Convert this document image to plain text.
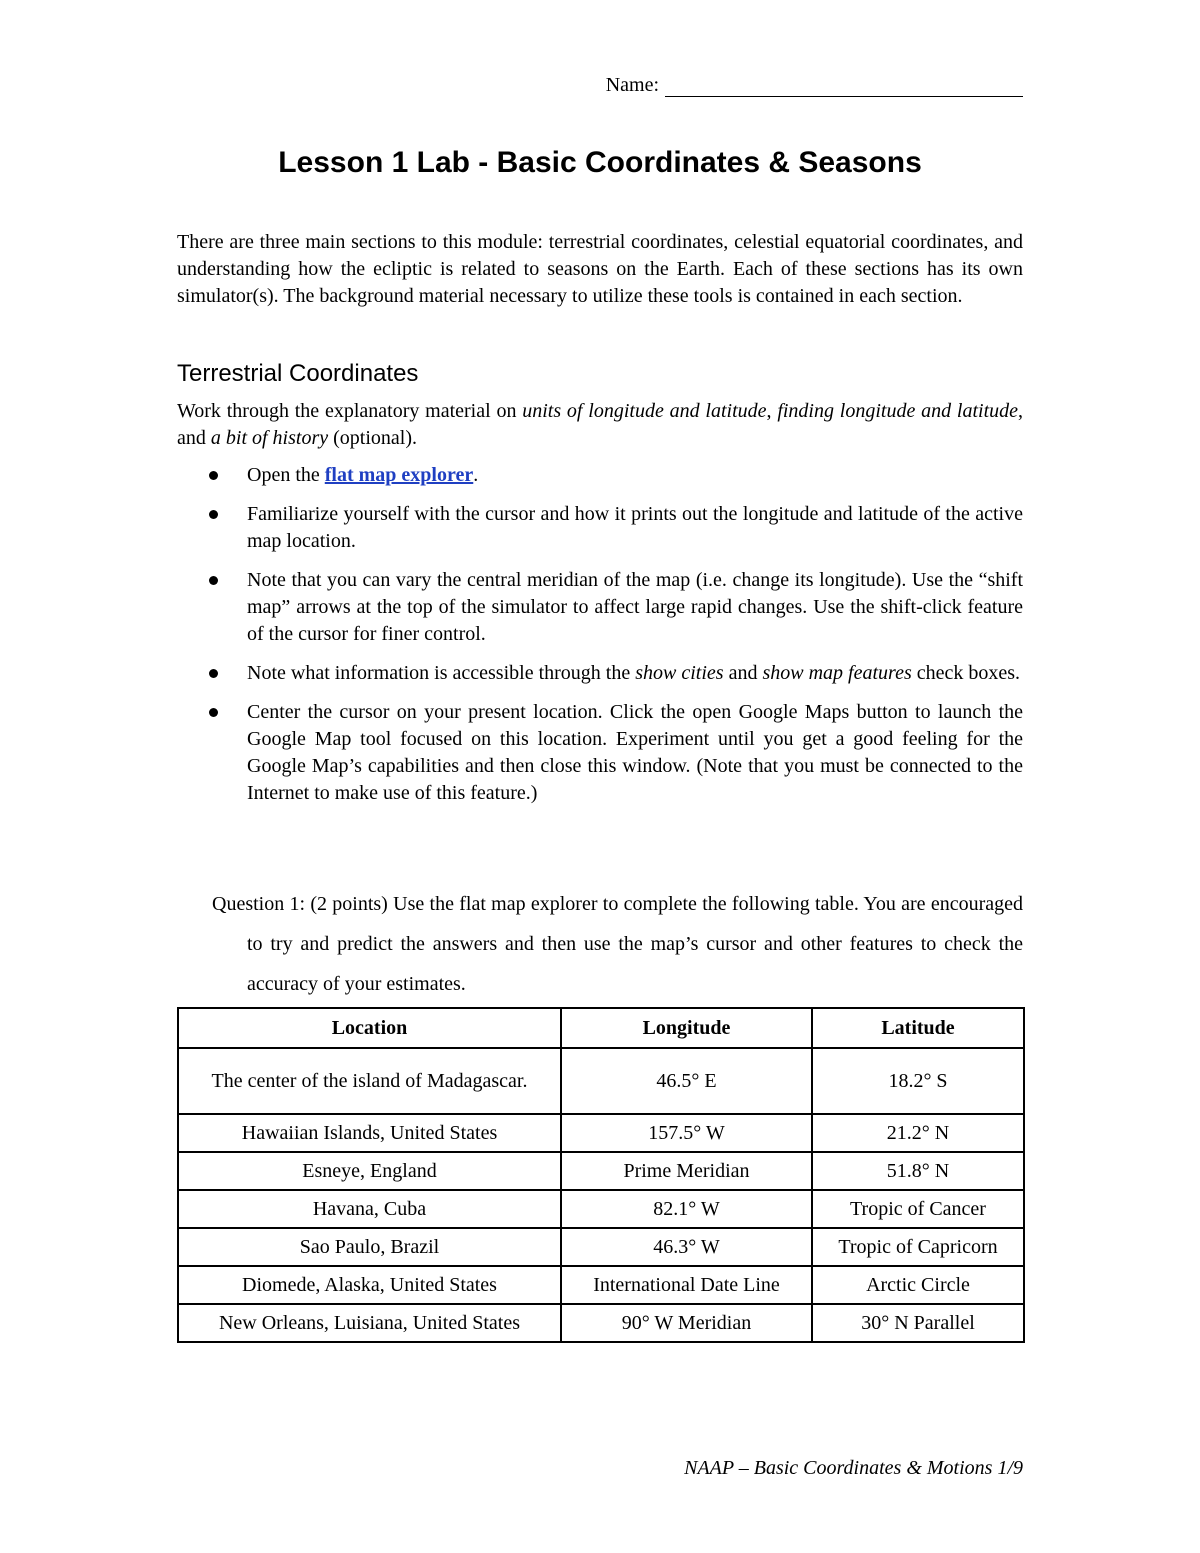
Name:
Lesson 1 Lab - Basic Coordinates & Seasons

There are three main sections to this module: terrestrial coordinates, celestial equatorial coordinates, and understanding how the ecliptic is related to seasons on the Earth. Each of these sections has its own simulator(s). The background material necessary to utilize these tools is contained in each section.

Terrestrial Coordinates

Work through the explanatory material on units of longitude and latitude, finding longitude and latitude, and a bit of history (optional).

Open the flat map explorer.
Familiarize yourself with the cursor and how it prints out the longitude and latitude of the active map location.
Note that you can vary the central meridian of the map (i.e. change its longitude). Use the “shift map” arrows at the top of the simulator to affect large rapid changes. Use the shift-click feature of the cursor for finer control.
Note what information is accessible through the show cities and show map features check boxes.
Center the cursor on your present location. Click the open Google Maps button to launch the Google Map tool focused on this location. Experiment until you get a good feeling for the Google Map’s capabilities and then close this window. (Note that you must be connected to the Internet to make use of this feature.)

Question 1: (2 points) Use the flat map explorer to complete the following table. You are encouraged to try and predict the answers and then use the map’s cursor and other features to check the accuracy of your estimates.

Location	Longitude	Latitude
The center of the island of Madagascar.	46.5° E	18.2° S
Hawaiian Islands, United States	157.5° W	21.2° N
Esneye, England	Prime Meridian	51.8° N
Havana, Cuba	82.1° W	Tropic of Cancer
Sao Paulo, Brazil	46.3° W	Tropic of Capricorn
Diomede, Alaska, United States	International Date Line	Arctic Circle
New Orleans, Luisiana, United States	90° W Meridian	30° N Parallel

NAAP – Basic Coordinates & Motions 1/9
